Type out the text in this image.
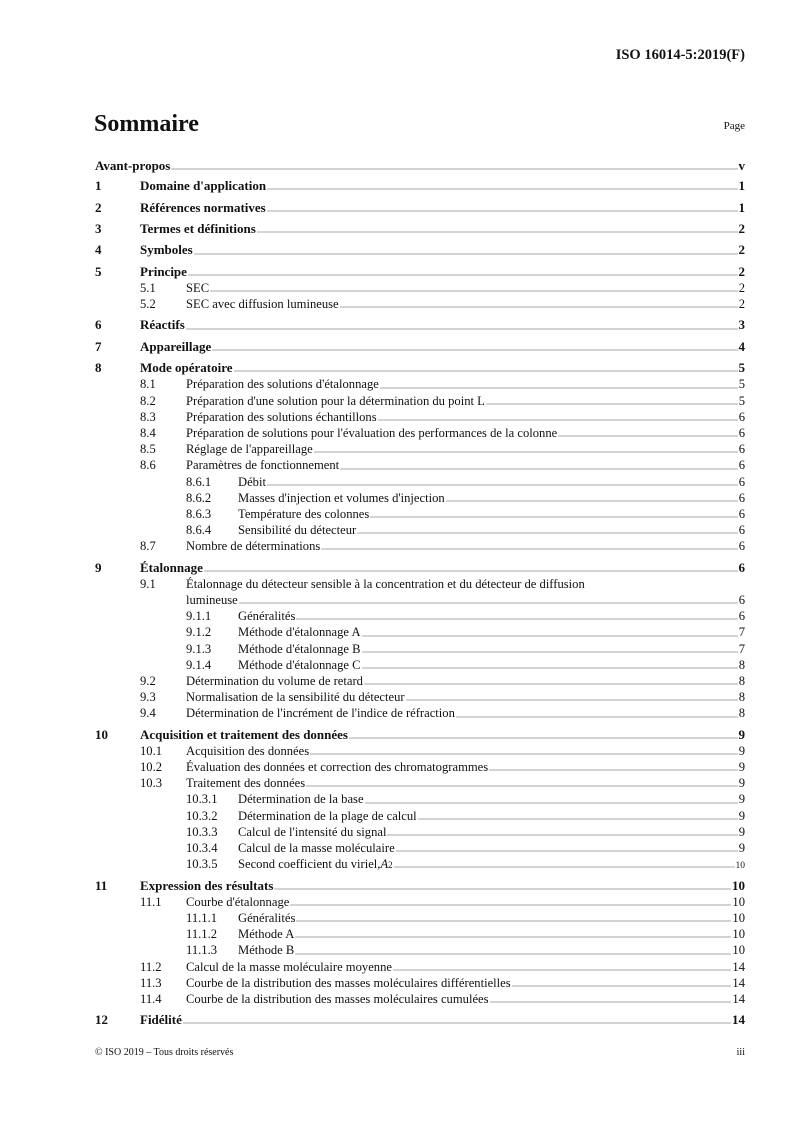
ISO 16014-5:2019(F)
Sommaire	Page
Avant-propos	v
1	Domaine d'application	1
2	Références normatives	1
3	Termes et définitions	2
4	Symboles	2
5	Principe	2
5.1	SEC	2
5.2	SEC avec diffusion lumineuse	2
6	Réactifs	3
7	Appareillage	4
8	Mode opératoire	5
8.1	Préparation des solutions d'étalonnage	5
8.2	Préparation d'une solution pour la détermination du point L	5
8.3	Préparation des solutions échantillons	6
8.4	Préparation de solutions pour l'évaluation des performances de la colonne	6
8.5	Réglage de l'appareillage	6
8.6	Paramètres de fonctionnement	6
8.6.1	Débit	6
8.6.2	Masses d'injection et volumes d'injection	6
8.6.3	Température des colonnes	6
8.6.4	Sensibilité du détecteur	6
8.7	Nombre de déterminations	6
9	Étalonnage	6
9.1	Étalonnage du détecteur sensible à la concentration et du détecteur de diffusion
lumineuse	6
9.1.1	Généralités	6
9.1.2	Méthode d'étalonnage A	7
9.1.3	Méthode d'étalonnage B	7
9.1.4	Méthode d'étalonnage C	8
9.2	Détermination du volume de retard	8
9.3	Normalisation de la sensibilité du détecteur	8
9.4	Détermination de l'incrément de l'indice de réfraction	8
10	Acquisition et traitement des données	9
10.1	Acquisition des données	9
10.2	Évaluation des données et correction des chromatogrammes	9
10.3	Traitement des données	9
10.3.1	Détermination de la base	9
10.3.2	Détermination de la plage de calcul	9
10.3.3	Calcul de l'intensité du signal	9
10.3.4	Calcul de la masse moléculaire	9
10.3.5	Second coefficient du viriel, A 2	10
11	Expression des résultats	10
11.1	Courbe d'étalonnage	10
11.1.1	Généralités	10
11.1.2	Méthode A	10
11.1.3	Méthode B	10
11.2	Calcul de la masse moléculaire moyenne	14
11.3	Courbe de la distribution des masses moléculaires différentielles	14
11.4	Courbe de la distribution des masses moléculaires cumulées	14
12	Fidélité	14
© ISO 2019 – Tous droits réservés	iii
